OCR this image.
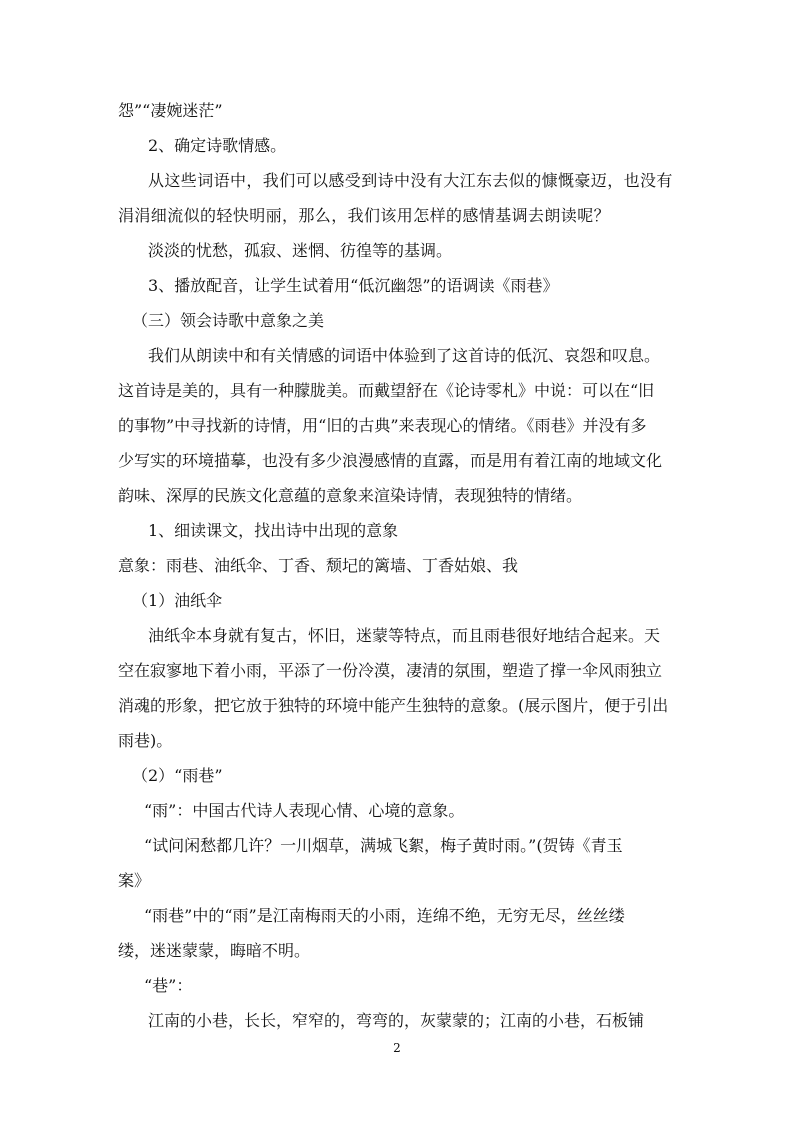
怨”“凄婉迷茫”
2、确定诗歌情感。
从这些词语中，我们可以感受到诗中没有大江东去似的慷慨豪迈，也没有
涓涓细流似的轻快明丽，那么，我们该用怎样的感情基调去朗读呢？
淡淡的忧愁，孤寂、迷惘、彷徨等的基调。
3、播放配音，让学生试着用“低沉幽怨”的语调读《雨巷》
（三）领会诗歌中意象之美
我们从朗读中和有关情感的词语中体验到了这首诗的低沉、哀怨和叹息。
这首诗是美的，具有一种朦胧美。而戴望舒在《论诗零札》中说：可以在“旧
的事物”中寻找新的诗情，用“旧的古典”来表现心的情绪。《雨巷》并没有多
少写实的环境描摹，也没有多少浪漫感情的直露，而是用有着江南的地域文化
韵味、深厚的民族文化意蕴的意象来渲染诗情，表现独特的情绪。
1、细读课文，找出诗中出现的意象
意象：雨巷、油纸伞、丁香、颓圮的篱墙、丁香姑娘、我
（1）油纸伞
油纸伞本身就有复古，怀旧，迷蒙等特点，而且雨巷很好地结合起来。天
空在寂寥地下着小雨，平添了一份冷漠，凄清的氛围，塑造了撑一伞风雨独立
消魂的形象，把它放于独特的环境中能产生独特的意象。(展示图片，便于引出
雨巷)。
（2）“雨巷”
“雨”：中国古代诗人表现心情、心境的意象。
“试问闲愁都几许？一川烟草，满城飞絮，梅子黄时雨。”(贺铸《青玉
案》
“雨巷”中的“雨”是江南梅雨天的小雨，连绵不绝，无穷无尽，丝丝缕
缕，迷迷蒙蒙，晦暗不明。
“巷”：
江南的小巷，长长，窄窄的，弯弯的，灰蒙蒙的；江南的小巷，石板铺
2
